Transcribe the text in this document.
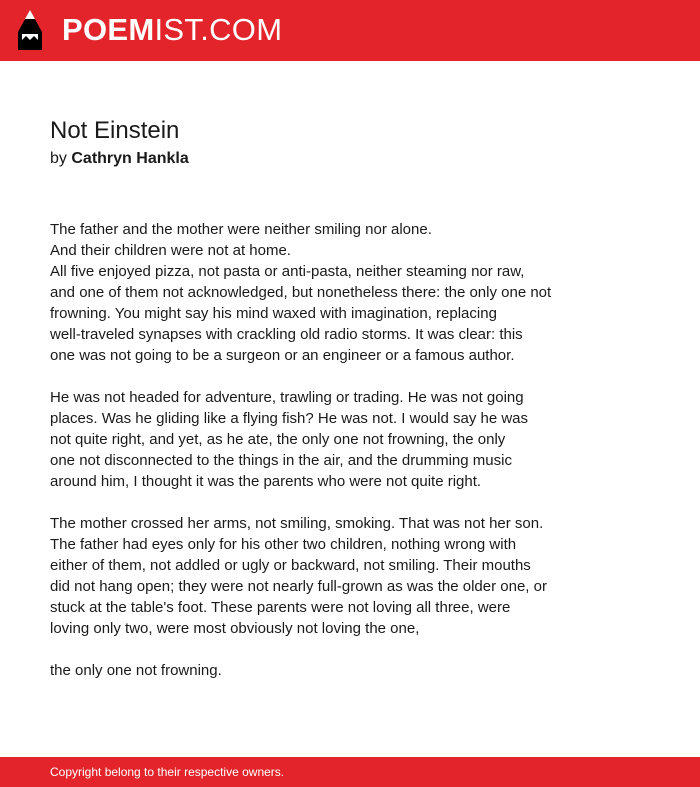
POEMIST.COM
Not Einstein
by Cathryn Hankla
The father and the mother were neither smiling nor alone.
And their children were not at home.
All five enjoyed pizza, not pasta or anti-pasta, neither steaming nor raw,
and one of them not acknowledged, but nonetheless there: the only one not
frowning. You might say his mind waxed with imagination, replacing
well-traveled synapses with crackling old radio storms. It was clear: this
one was not going to be a surgeon or an engineer or a famous author.
He was not headed for adventure, trawling or trading. He was not going
places. Was he gliding like a flying fish? He was not. I would say he was
not quite right, and yet, as he ate, the only one not frowning, the only
one not disconnected to the things in the air, and the drumming music
around him, I thought it was the parents who were not quite right.
The mother crossed her arms, not smiling, smoking. That was not her son.
The father had eyes only for his other two children, nothing wrong with
either of them, not addled or ugly or backward, not smiling. Their mouths
did not hang open; they were not nearly full-grown as was the older one, or
stuck at the table's foot. These parents were not loving all three, were
loving only two, were most obviously not loving the one,
the only one not frowning.
Copyright belong to their respective owners.
